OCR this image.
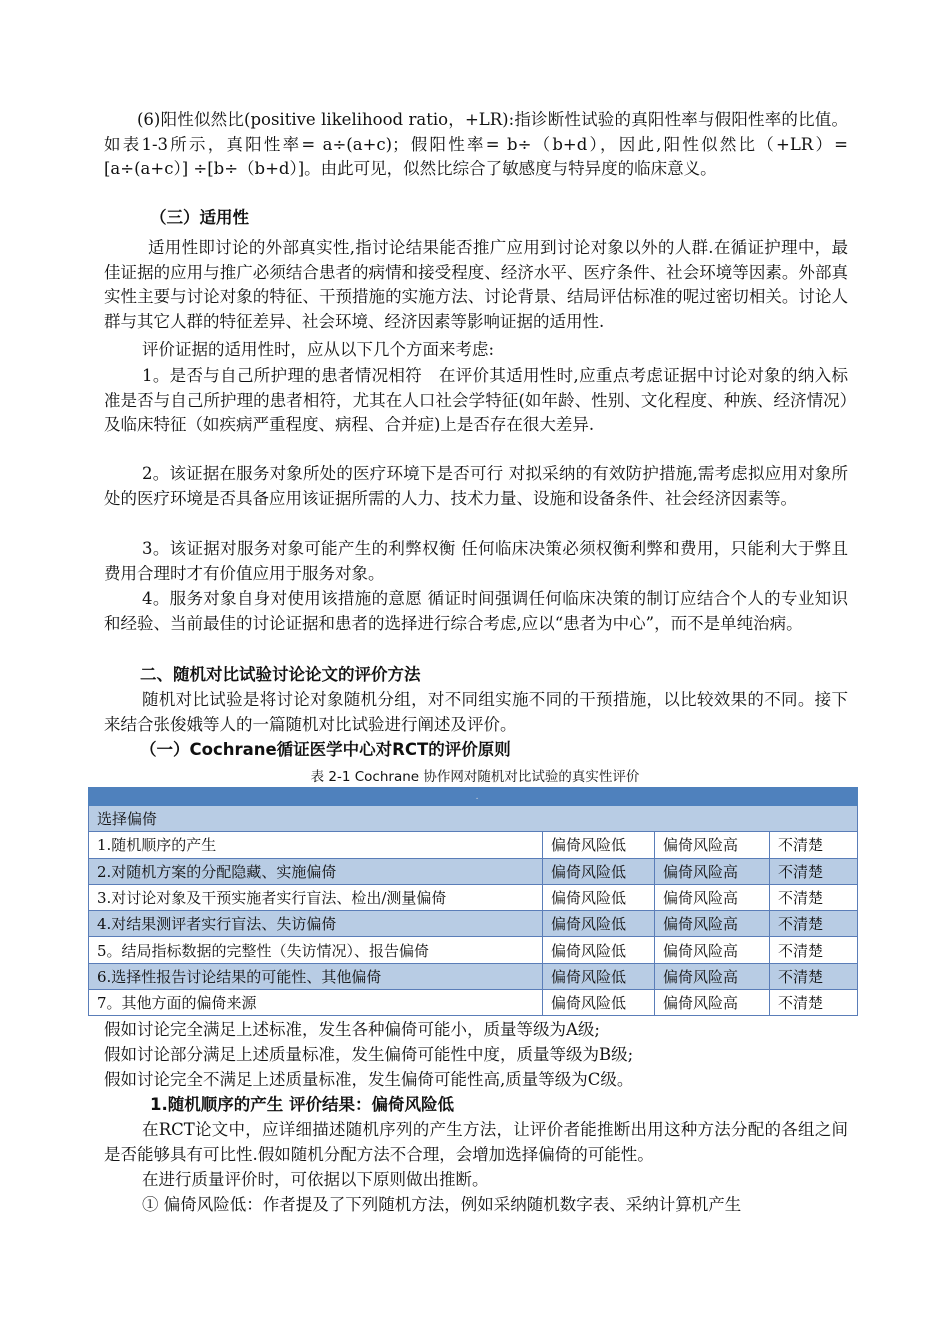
(6)阳性似然比(positive likelihood ratio，+LR):指诊断性试验的真阳性率与假阳性率的比值。如表1-3所示，真阳性率= a÷(a+c)；假阳性率= b÷（b+d），因此,阳性似然比（+LR）=[a÷(a+c）] ÷[b÷（b+d）]。由此可见，似然比综合了敏感度与特异度的临床意义。

（三）适用性

适用性即讨论的外部真实性,指讨论结果能否推广应用到讨论对象以外的人群.在循证护理中，最佳证据的应用与推广必须结合患者的病情和接受程度、经济水平、医疗条件、社会环境等因素。外部真实性主要与讨论对象的特征、干预措施的实施方法、讨论背景、结局评估标准的呢过密切相关。讨论人群与其它人群的特征差异、社会环境、经济因素等影响证据的适用性.

评价证据的适用性时，应从以下几个方面来考虑:

1。是否与自己所护理的患者情况相符　在评价其适用性时,应重点考虑证据中讨论对象的纳入标准是否与自己所护理的患者相符，尤其在人口社会学特征(如年龄、性别、文化程度、种族、经济情况）及临床特征（如疾病严重程度、病程、合并症)上是否存在很大差异.

2。该证据在服务对象所处的医疗环境下是否可行 对拟采纳的有效防护措施,需考虑拟应用对象所处的医疗环境是否具备应用该证据所需的人力、技术力量、设施和设备条件、社会经济因素等。

3。该证据对服务对象可能产生的利弊权衡 任何临床决策必须权衡利弊和费用，只能利大于弊且费用合理时才有价值应用于服务对象。

4。服务对象自身对使用该措施的意愿 循证时间强调任何临床决策的制订应结合个人的专业知识和经验、当前最佳的讨论证据和患者的选择进行综合考虑,应以“患者为中心”，而不是单纯治病。

二、随机对比试验讨论论文的评价方法

随机对比试验是将讨论对象随机分组，对不同组实施不同的干预措施，以比较效果的不同。接下来结合张俊娥等人的一篇随机对比试验进行阐述及评价。

（一）Cochrane循证医学中心对RCT的评价原则
表 2-1 Cochrane 协作网对随机对比试验的真实性评价
.			
选择偏倚			
1.随机顺序的产生	偏倚风险低	偏倚风险高	不清楚
2.对随机方案的分配隐藏、实施偏倚	偏倚风险低	偏倚风险高	不清楚
3.对讨论对象及干预实施者实行盲法、检出/测量偏倚	偏倚风险低	偏倚风险高	不清楚
4.对结果测评者实行盲法、失访偏倚	偏倚风险低	偏倚风险高	不清楚
5。结局指标数据的完整性（失访情况）、报告偏倚	偏倚风险低	偏倚风险高	不清楚
6.选择性报告讨论结果的可能性、其他偏倚	偏倚风险低	偏倚风险高	不清楚
7。其他方面的偏倚来源	偏倚风险低	偏倚风险高	不清楚

假如讨论完全满足上述标准，发生各种偏倚可能小，质量等级为A级;

假如讨论部分满足上述质量标准，发生偏倚可能性中度，质量等级为B级;

假如讨论完全不满足上述质量标准，发生偏倚可能性高,质量等级为C级。

1.随机顺序的产生 评价结果：偏倚风险低

在RCT论文中，应详细描述随机序列的产生方法，让评价者能推断出用这种方法分配的各组之间是否能够具有可比性.假如随机分配方法不合理，会增加选择偏倚的可能性。

在进行质量评价时，可依据以下原则做出推断。

① 偏倚风险低：作者提及了下列随机方法，例如采纳随机数字表、采纳计算机产生
